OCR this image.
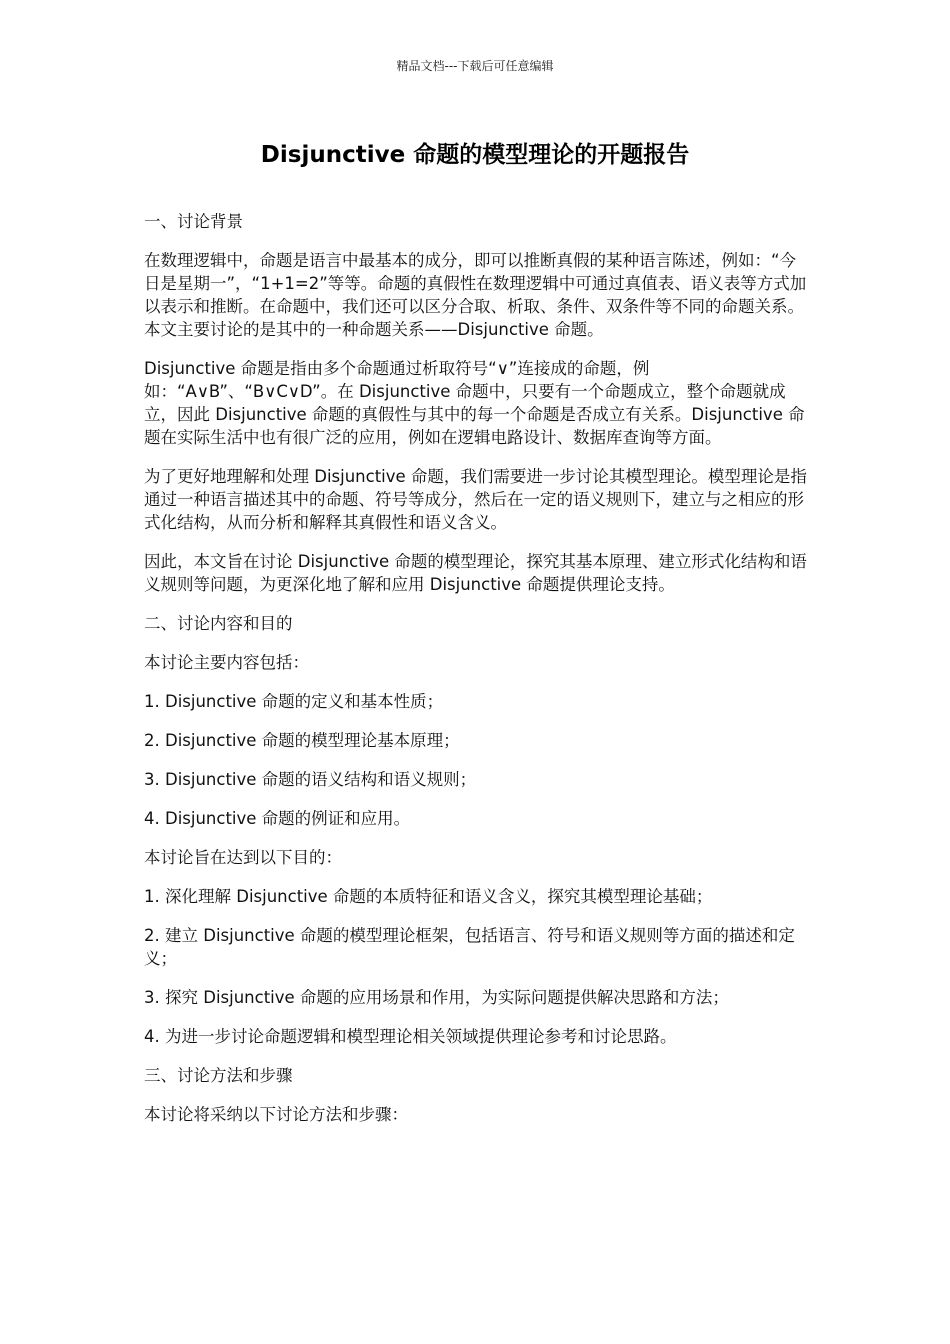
精品文档---下载后可任意编辑
Disjunctive 命题的模型理论的开题报告

一、讨论背景

在数理逻辑中，命题是语言中最基本的成分，即可以推断真假的某种语言陈述，例如：“今日是星期一”，“1+1=2”等等。命题的真假性在数理逻辑中可通过真值表、语义表等方式加以表示和推断。在命题中，我们还可以区分合取、析取、条件、双条件等不同的命题关系。本文主要讨论的是其中的一种命题关系——Disjunctive 命题。

Disjunctive 命题是指由多个命题通过析取符号“∨”连接成的命题，例如：“A∨B”、“B∨C∨D”。在 Disjunctive 命题中，只要有一个命题成立，整个命题就成立，因此 Disjunctive 命题的真假性与其中的每一个命题是否成立有关系。Disjunctive 命题在实际生活中也有很广泛的应用，例如在逻辑电路设计、数据库查询等方面。

为了更好地理解和处理 Disjunctive 命题，我们需要进一步讨论其模型理论。模型理论是指通过一种语言描述其中的命题、符号等成分，然后在一定的语义规则下，建立与之相应的形式化结构，从而分析和解释其真假性和语义含义。

因此，本文旨在讨论 Disjunctive 命题的模型理论，探究其基本原理、建立形式化结构和语义规则等问题，为更深化地了解和应用 Disjunctive 命题提供理论支持。

二、讨论内容和目的

本讨论主要内容包括：

1. Disjunctive 命题的定义和基本性质；

2. Disjunctive 命题的模型理论基本原理；

3. Disjunctive 命题的语义结构和语义规则；

4. Disjunctive 命题的例证和应用。

本讨论旨在达到以下目的：

1. 深化理解 Disjunctive 命题的本质特征和语义含义，探究其模型理论基础；

2. 建立 Disjunctive 命题的模型理论框架，包括语言、符号和语义规则等方面的描述和定义；

3. 探究 Disjunctive 命题的应用场景和作用，为实际问题提供解决思路和方法；

4. 为进一步讨论命题逻辑和模型理论相关领域提供理论参考和讨论思路。

三、讨论方法和步骤

本讨论将采纳以下讨论方法和步骤：
